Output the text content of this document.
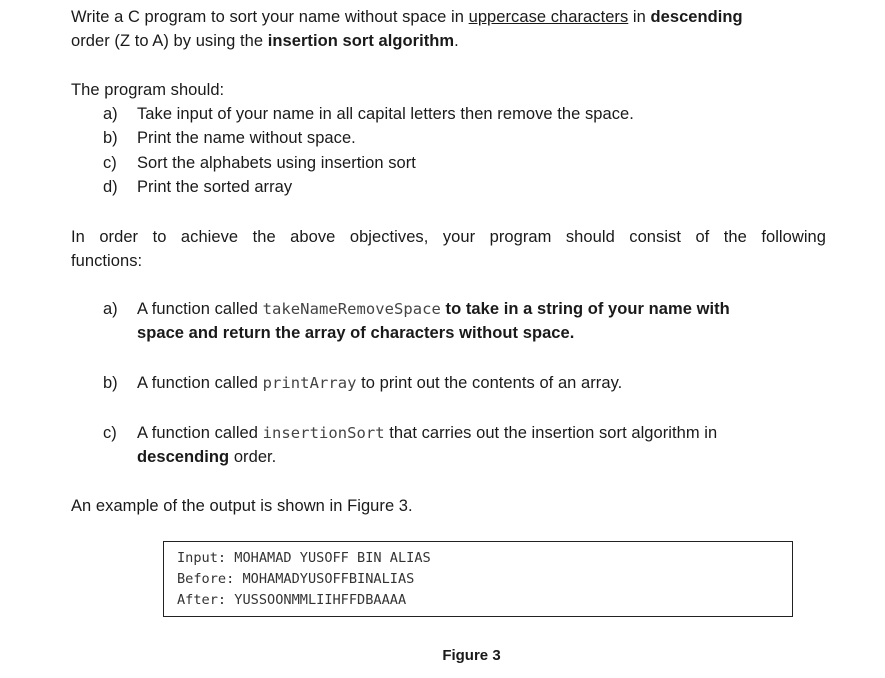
Write a C program to sort your name without space in uppercase characters in descending
order (Z to A) by using the insertion sort algorithm.
The program should:
a) Take input of your name in all capital letters then remove the space.
b) Print the name without space.
c) Sort the alphabets using insertion sort
d) Print the sorted array
In order to achieve the above objectives, your program should consist of the following
functions:
a) A function called takeNameRemoveSpace to take in a string of your name with
space and return the array of characters without space.
b) A function called printArray to print out the contents of an array.
c) A function called insertionSort that carries out the insertion sort algorithm in
descending order.
An example of the output is shown in Figure 3.
Input: MOHAMAD YUSOFF BIN ALIAS
Before: MOHAMADYUSOFFBINALIAS
After: YUSSOONMMLIIHFFDBAAAA
Figure 3
